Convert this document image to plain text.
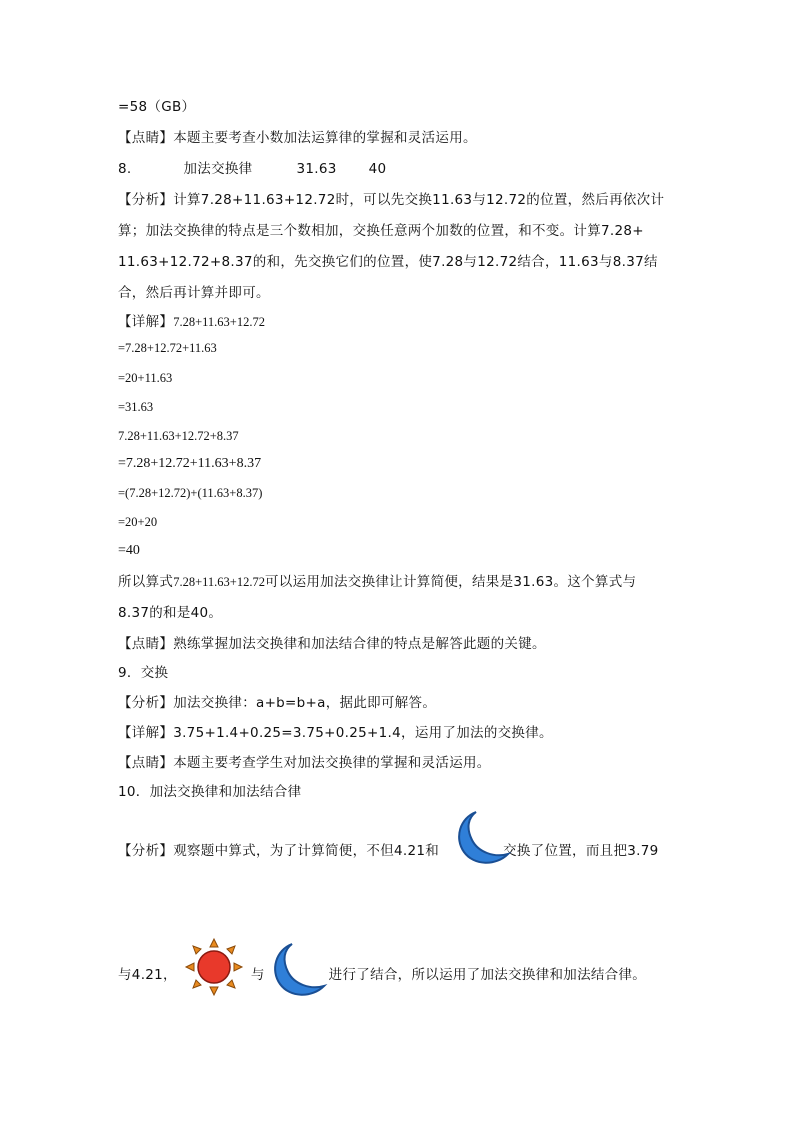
=58（GB）
【点睛】本题主要考查小数加法运算律的掌握和灵活运用。
8.	加法交换律	31.63 40
【分析】计算7.28+11.63+12.72时，可以先交换11.63与12.72的位置，然后再依次计
算；加法交换律的特点是三个数相加，交换任意两个加数的位置，和不变。计算7.28+
11.63+12.72+8.37的和，先交换它们的位置，使7.28与12.72结合，11.63与8.37结
合，然后再计算并即可。
【详解】7.28+11.63+12.72
=7.28+12.72+11.63
=20+11.63
=31.63
7.28+11.63+12.72+8.37
=7.28+12.72+11.63+8.37
=(7.28+12.72)+(11.63+8.37)
=20+20
=40
所以算式7.28+11.63+12.72可以运用加法交换律让计算简便，结果是31.63。这个算式与
8.37的和是40。
【点睛】熟练掌握加法交换律和加法结合律的特点是解答此题的关键。
9．交换
【分析】加法交换律：a+b=b+a，据此即可解答。
【详解】3.75+1.4+0.25=3.75+0.25+1.4，运用了加法的交换律。
【点睛】本题主要考查学生对加法交换律的掌握和灵活运用。
10．加法交换律和加法结合律
【分析】观察题中算式，为了计算简便，不但4.21和	交换了位置，而且把3.79
与4.21，	与	进行了结合，所以运用了加法交换律和加法结合律。
